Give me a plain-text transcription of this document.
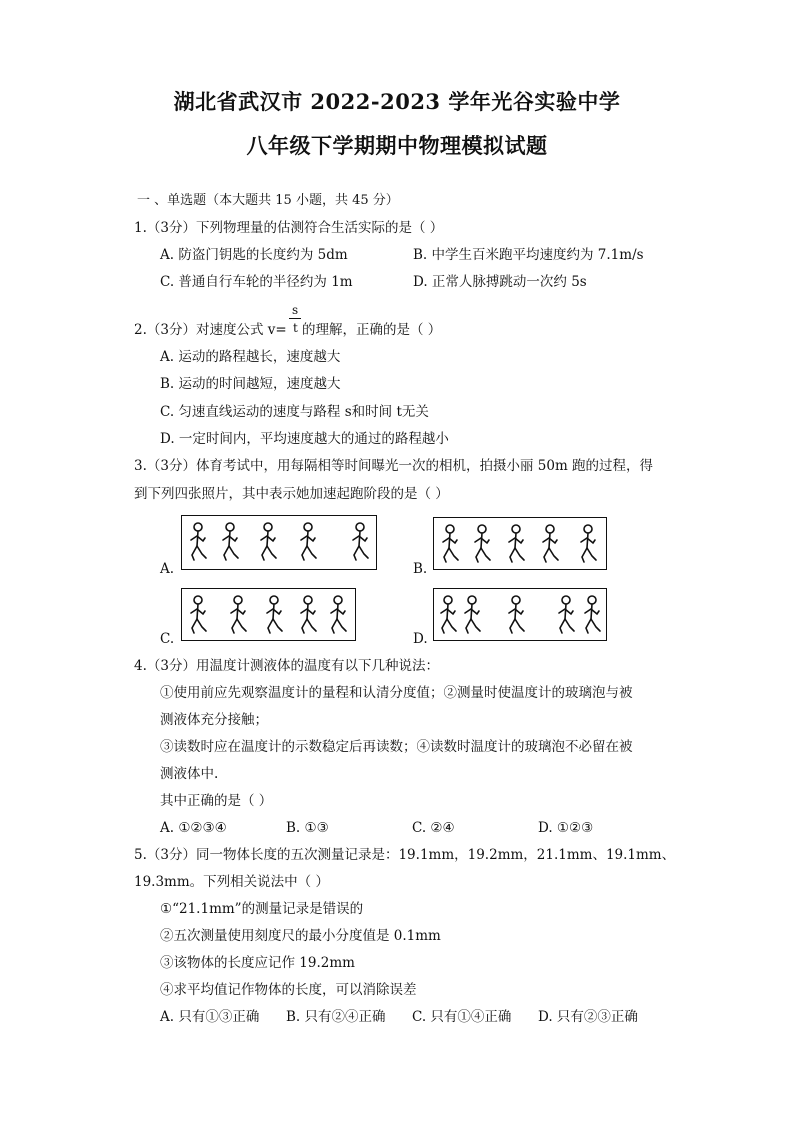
湖北省武汉市 2022-2023 学年光谷实验中学
八年级下学期期中物理模拟试题
一 、单选题（本大题共 15 小题，共 45 分）
1.（3分）下列物理量的估测符合生活实际的是（ ）
A. 防盗门钥匙的长度约为 5dm	B. 中学生百米跑平均速度约为 7.1m/s
C. 普通自行车轮的半径约为 1m	D. 正常人脉搏跳动一次约 5s
2.（3分）对速度公式 v=
s
t 的理解，正确的是（ ）
A. 运动的路程越长，速度越大
B. 运动的时间越短，速度越大
C. 匀速直线运动的速度与路程 s和时间 t无关
D. 一定时间内，平均速度越大的通过的路程越小
3.（3分）体育考试中，用每隔相等时间曝光一次的相机，拍摄小丽 50m 跑的过程，得
到下列四张照片，其中表示她加速起跑阶段的是（ ）
A.	B.
C.	D.
4.（3分）用温度计测液体的温度有以下几种说法：
①使用前应先观察温度计的量程和认清分度值；②测量时使温度计的玻璃泡与被
测液体充分接触；
③读数时应在温度计的示数稳定后再读数；④读数时温度计的玻璃泡不必留在被
测液体中.
其中正确的是（ ）
A. ①②③④	B. ①③	C. ②④	D. ①②③
5.（3分）同一物体长度的五次测量记录是：19.1mm，19.2mm，21.1mm、19.1mm、
19.3mm。下列相关说法中（ ）
①“21.1mm”的测量记录是错误的
②五次测量使用刻度尺的最小分度值是 0.1mm
③该物体的长度应记作 19.2mm
④求平均值记作物体的长度，可以消除误差
A. 只有①③正确 B. 只有②④正确 C. 只有①④正确 D. 只有②③正确
